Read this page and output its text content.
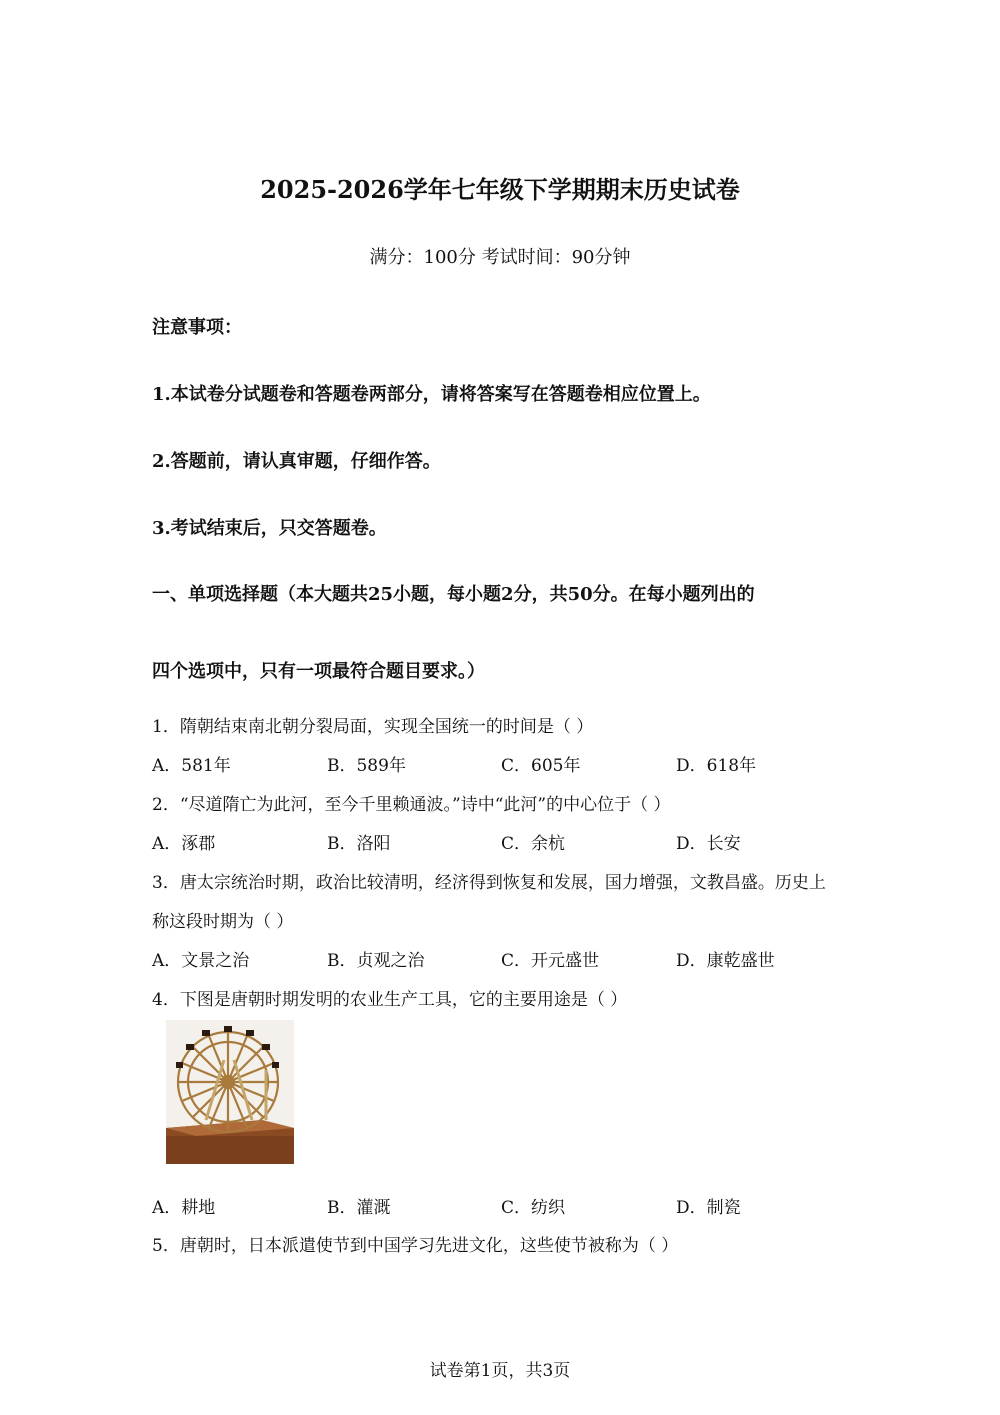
2025-2026学年七年级下学期期末历史试卷
满分：100分 考试时间：90分钟
注意事项：
1.本试卷分试题卷和答题卷两部分，请将答案写在答题卷相应位置上。
2.答题前，请认真审题，仔细作答。
3.考试结束后，只交答题卷。
一、单项选择题（本大题共25小题，每小题2分，共50分。在每小题列出的
四个选项中，只有一项最符合题目要求。）
1．隋朝结束南北朝分裂局面，实现全国统一的时间是（ ）
A．581年	B．589年	C．605年	D．618年
2．“尽道隋亡为此河，至今千里赖通波。”诗中“此河”的中心位于（ ）
A．涿郡	B．洛阳	C．余杭	D．长安
3．唐太宗统治时期，政治比较清明，经济得到恢复和发展，国力增强，文教昌盛。历史上
称这段时期为（ ）
A．文景之治	B．贞观之治	C．开元盛世	D．康乾盛世
4．下图是唐朝时期发明的农业生产工具，它的主要用途是（ ）
A．耕地	B．灌溉	C．纺织	D．制瓷
5．唐朝时，日本派遣使节到中国学习先进文化，这些使节被称为（ ）
试卷第1页，共3页
